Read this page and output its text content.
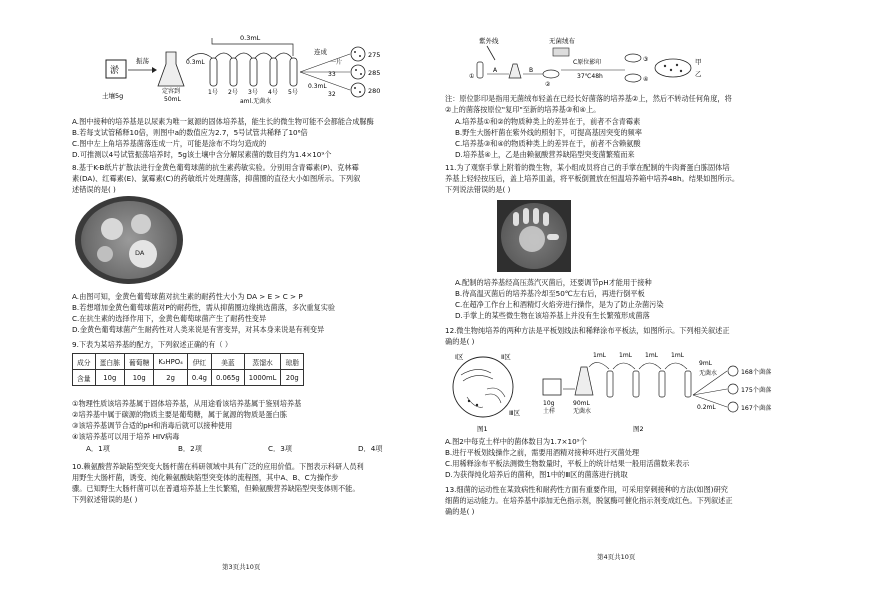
淤
土壤5g
振荡
定容到
50mL
0.3mL
0.3mL
1号 2号 3号 4号 5号
aml.无菌水
0.3mL
连成
一片
33
32
275
285
280
A.图中接种的培养基是以尿素为唯一氮源的固体培养基，能生长的微生物可能不会都能合成脲酶
B.若每支试管稀释10倍，则图中a的数值应为2.7，5号试管共稀释了10⁶倍
C.图中左上角培养基菌落连成一片，可能是涂布不均匀造成的
D.可推测以4号试管振荡培养时，5g该土壤中含分解尿素菌的数目约为1.4×10⁹个
8.基于K-B纸片扩散法进行金黄色葡萄球菌的抗生素药敏实验。分别用含青霉素(P)、克林霉
素(DA)、红霉素(E)、氯霉素(C)的药敏纸片处理菌落，抑菌圈的直径大小如图所示。下列叙
述错误的是( )
DA
A.由图可知，金黄色葡萄球菌对抗生素的耐药性大小为 DA > E > C > P
B.若想增加金黄色葡萄球菌对P的耐药性，需从抑菌圈边缘挑选菌落，多次重复实验
C.在抗生素的选择作用下，金黄色葡萄球菌产生了耐药性变异
D.金黄色葡萄球菌产生耐药性对人类来说是有害变异，对其本身来说是有利变异
9.下表为某培养基的配方，下列叙述正确的有（ ）
成分	蛋白胨	葡萄糖	K₂HPO₄	伊红	美蓝	蒸馏水	琼脂
含量	10g	10g	2g	0.4g	0.065g	1000mL	20g
①物理性质该培养基属于固体培养基，从用途看该培养基属于鉴别培养基
②培养基中属于碳源的物质主要是葡萄糖，属于氮源的物质是蛋白胨
③该培养基调节合适的pH和消毒后就可以接种使用
④该培养基可以用于培养 HIV病毒
A．1项	B．2项	C．3项	D．4项
10.赖氨酸营养缺陷型突变大肠杆菌在科研领域中具有广泛的应用价值。下图表示科研人员利
用野生大肠杆菌，诱变、纯化赖氨酸缺陷型突变体的流程图，其中A、B、C为操作步
骤。已知野生大肠杆菌可以在普通培养基上生长繁殖，但赖氨酸营养缺陷型突变体则不能。
下列叙述错误的是( )
第3页共10页
紫外线
①
A	B
②
无菌绒布
C原位影印
37℃48h
③
④
甲
乙
注：原位影印是指用无菌绒布轻盖在已经长好菌落的培养基②上，然后不转动任何角度，将
②上的菌落按原位"复印"至新的培养基③和④上。
A.培养基①和②的物质种类上的差异在于，前者不含青霉素
B.野生大肠杆菌在紫外线的照射下，可提高基因突变的频率
C.培养基③和④的物质种类上的差异在于，前者不含赖氨酸
D.培养基④上，乙是由赖氨酸营养缺陷型突变菌繁殖而来
11.为了观察手掌上附着的微生物，某小组成员将自己的手掌在配制的牛肉膏蛋白胨固体培
养基上轻轻按压后，盖上培养皿盖，将平板倒置放在恒温培养箱中培养48h。结果如图所示。
下列说法错误的是( )
A.配制的培养基经高压蒸汽灭菌后，还要调节pH才能用于接种
B.待高温灭菌后的培养基冷却至50℃左右后，再进行倒平板
C.在超净工作台上和酒精灯火焰旁进行操作，是为了防止杂菌污染
D.手掌上的某些微生物在该培养基上并没有生长繁殖形成菌落
12.微生物纯培养的两种方法是平板划线法和稀释涂布平板法，如图所示。下列相关叙述正
确的是( )
Ⅰ区	Ⅱ区
Ⅲ区
图1
10g
土样
90mL
无菌水
1mL 1mL 1mL 1mL
9mL
无菌水
0.2mL
图2
168个菌落
175个菌落
167个菌落
A.图2中每克土样中的菌体数目为1.7×10⁹个
B.进行平板划线操作之前，需要用酒精对接种环进行灭菌处理
C.用稀释涂布平板法测微生物数量时，平板上的统计结果一般用活菌数来表示
D.为获得纯化培养后的菌种，图1中的Ⅲ区的菌落进行挑取
13.细菌的运动性在某致病性和耐药性方面有重要作用，可采用穿刺接种的方法(如图)研究
细菌的运动能力。在培养基中添加无色指示剂，脱氢酶可催化指示剂变成红色。下列叙述正
确的是( )
第4页共10页
